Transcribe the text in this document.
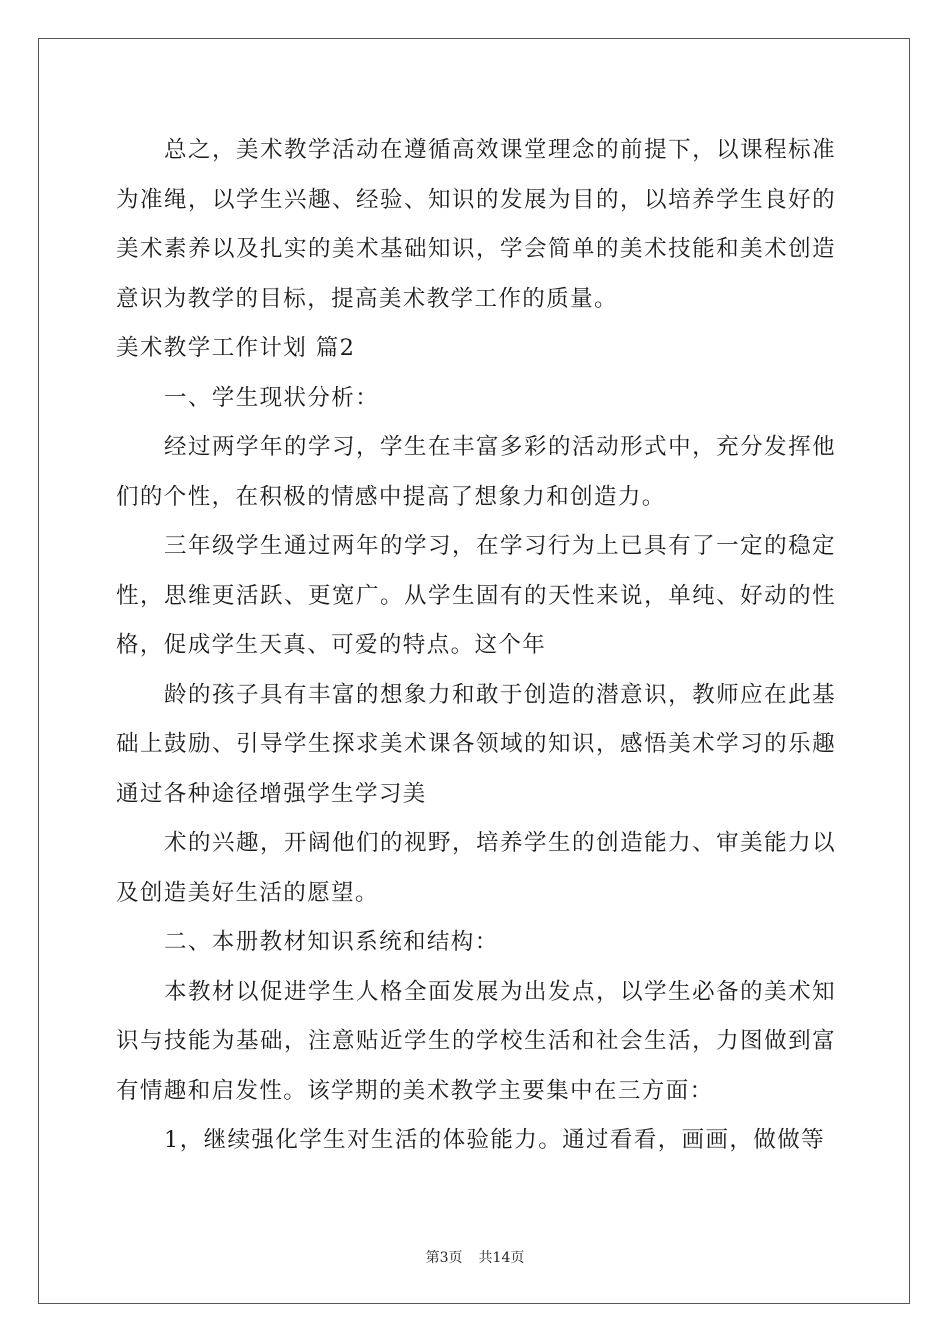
总之，美术教学活动在遵循高效课堂理念的前提下，以课程标准为准绳，以学生兴趣、经验、知识的发展为目的，以培养学生良好的美术素养以及扎实的美术基础知识，学会简单的美术技能和美术创造意识为教学的目标，提高美术教学工作的质量。

美术教学工作计划 篇2

一、学生现状分析：

经过两学年的学习，学生在丰富多彩的活动形式中，充分发挥他们的个性，在积极的情感中提高了想象力和创造力。

三年级学生通过两年的学习，在学习行为上已具有了一定的稳定性，思维更活跃、更宽广。从学生固有的天性来说，单纯、好动的性格，促成学生天真、可爱的特点。这个年

龄的孩子具有丰富的想象力和敢于创造的潜意识，教师应在此基础上鼓励、引导学生探求美术课各领域的知识，感悟美术学习的乐趣通过各种途径增强学生学习美

术的兴趣，开阔他们的视野，培养学生的创造能力、审美能力以及创造美好生活的愿望。

二、本册教材知识系统和结构：

本教材以促进学生人格全面发展为出发点，以学生必备的美术知识与技能为基础，注意贴近学生的学校生活和社会生活，力图做到富有情趣和启发性。该学期的美术教学主要集中在三方面：

1，继续强化学生对生活的体验能力。通过看看，画画，做做等

第3页 共14页
